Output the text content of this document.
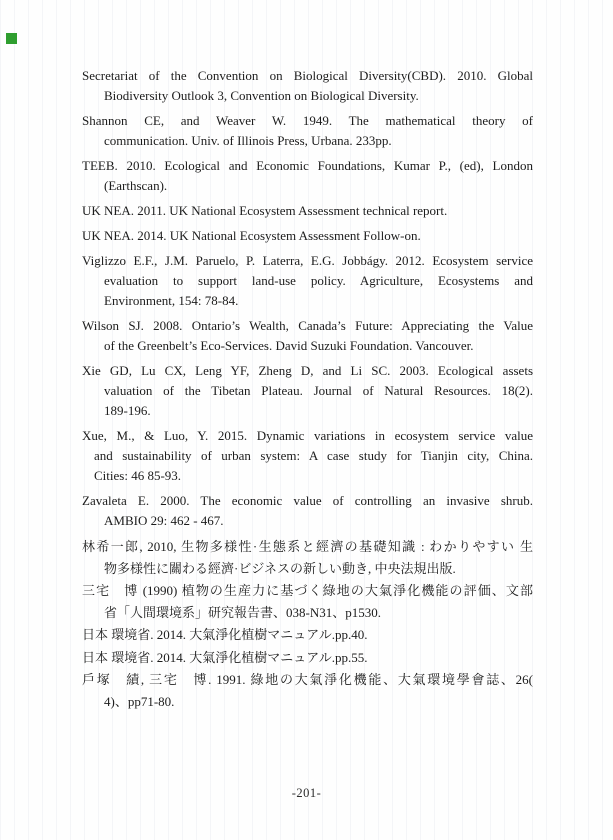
Secretariat of the Convention on Biological Diversity(CBD). 2010. Global
Biodiversity Outlook 3, Convention on Biological Diversity.
Shannon CE, and Weaver W. 1949. The mathematical theory of
communication. Univ. of Illinois Press, Urbana. 233pp.
TEEB. 2010. Ecological and Economic Foundations, Kumar P., (ed), London
(Earthscan).
UK NEA. 2011. UK National Ecosystem Assessment technical report.
UK NEA. 2014. UK National Ecosystem Assessment Follow-on.
Viglizzo E.F., J.M. Paruelo, P. Laterra, E.G. Jobbágy. 2012. Ecosystem service
evaluation to support land-use policy. Agriculture, Ecosystems and
Environment, 154: 78-84.
Wilson SJ. 2008. Ontario’s Wealth, Canada’s Future: Appreciating the Value
of the Greenbelt’s Eco-Services. David Suzuki Foundation. Vancouver.
Xie GD, Lu CX, Leng YF, Zheng D, and Li SC. 2003. Ecological assets
valuation of the Tibetan Plateau. Journal of Natural Resources. 18(2).
189-196.
Xue, M., & Luo, Y. 2015. Dynamic variations in ecosystem service value
and sustainability of urban system: A case study for Tianjin city, China.
Cities: 46 85-93.
Zavaleta E. 2000. The economic value of controlling an invasive shrub.
AMBIO 29: 462 - 467.
林希一郎, 2010, 生物多様性·生態系と經濟の基礎知識 : わかりやすい 生
物多様性に關わる經濟·ビジネスの新しい動き, 中央法規出版.
三宅　博 (1990) 植物の生産力に基づく綠地の大氣淨化機能の評価、文部
省「人間環境系」研究報告書、038-N31、p1530.
日本 環境省. 2014. 大氣淨化植樹マニュアル.pp.40.
日本 環境省. 2014. 大氣淨化植樹マニュアル.pp.55.
戶塚　績, 三宅　博. 1991. 綠地の大氣淨化機能、大氣環境學會誌、26(
4)、pp71-80.
-201-
